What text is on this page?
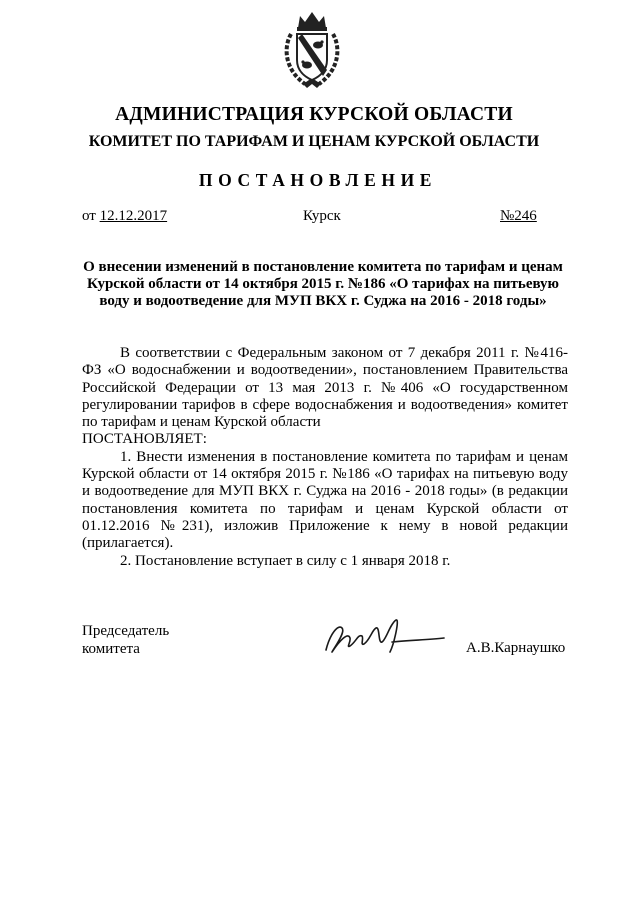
АДМИНИСТРАЦИЯ КУРСКОЙ ОБЛАСТИ
КОМИТЕТ ПО ТАРИФАМ И ЦЕНАМ КУРСКОЙ ОБЛАСТИ
ПОСТАНОВЛЕНИЕ
от 12.12.2017	Курск	№246
О внесении изменений в постановление комитета по тарифам и ценам Курской области от 14 октября 2015 г. №186 «О тарифах на питьевую воду и водоотведение для МУП ВКХ г. Суджа на 2016 - 2018 годы»

В соответствии с Федеральным законом от 7 декабря 2011 г. №416-ФЗ «О водоснабжении и водоотведении», постановлением Правительства Российской Федерации от 13 мая 2013 г. №406 «О государственном регулировании тарифов в сфере водоснабжения и водоотведения» комитет по тарифам и ценам Курской области

ПОСТАНОВЛЯЕТ:

1. Внести изменения в постановление комитета по тарифам и ценам Курской области от 14 октября 2015 г. №186 «О тарифах на питьевую воду и водоотведение для МУП ВКХ г. Суджа на 2016 - 2018 годы» (в редакции постановления комитета по тарифам и ценам Курской области от 01.12.2016 №231), изложив Приложение к нему в новой редакции (прилагается).

2. Постановление вступает в силу с 1 января 2018 г.

Председатель
комитета	А.В.Карнаушко
